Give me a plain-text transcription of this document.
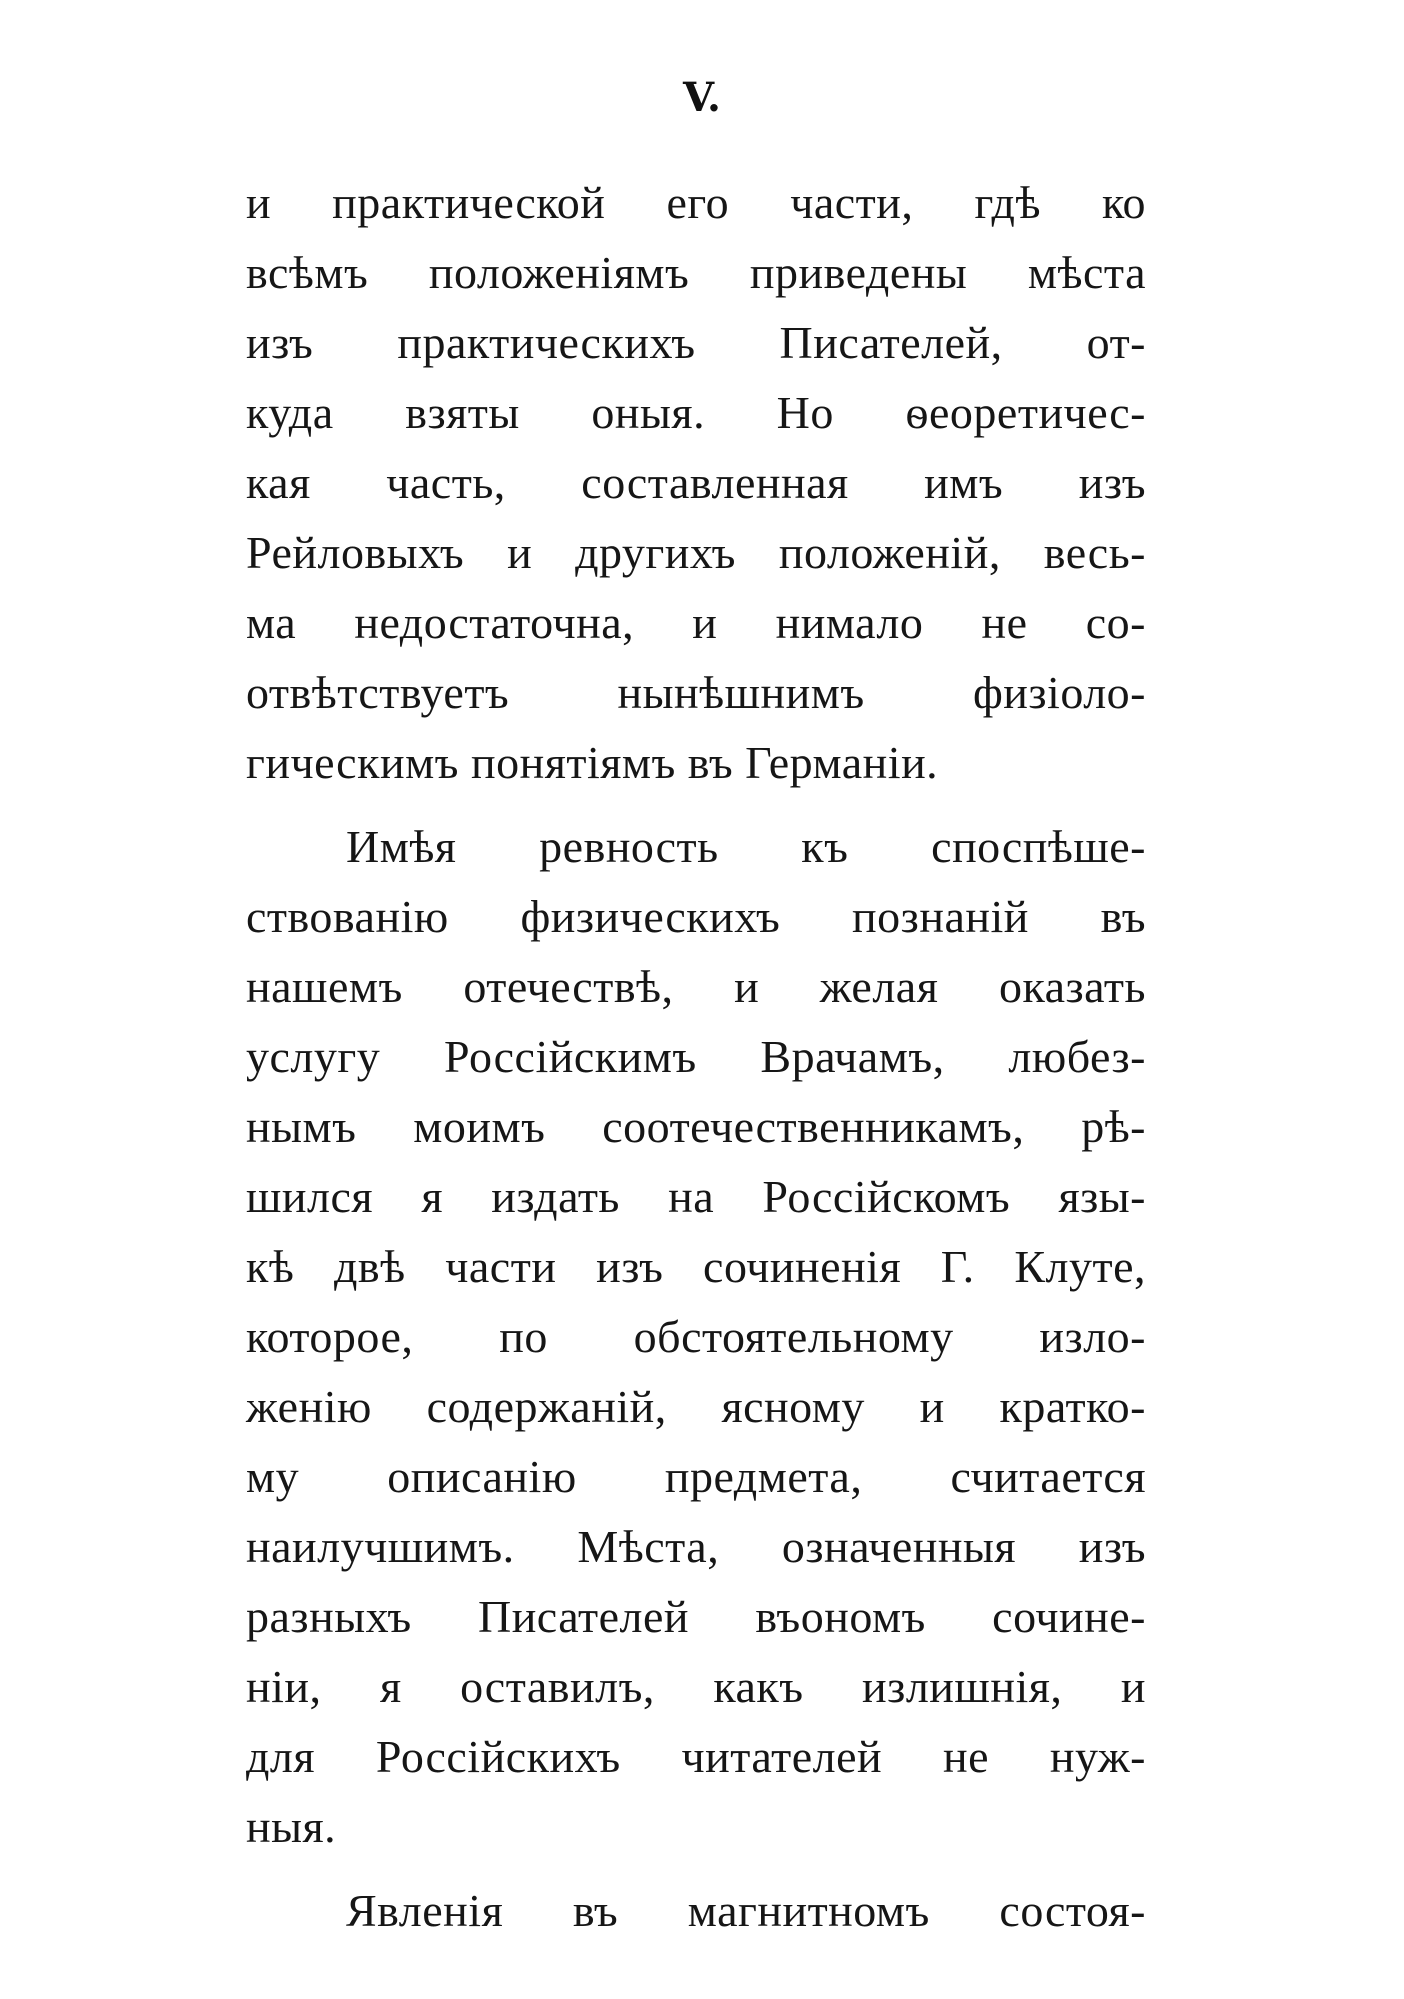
V.
и практической его части, гдѣ ко
всѣмъ положенiямъ приведены мѣста
изъ практическихъ Писателей, от-
куда взяты оныя. Но ѳеоретичес-
кая часть, составленная имъ изъ
Рейловыхъ и другихъ положенiй, весь-
ма недостаточна, и нимало не со-
отвѣтствуетъ нынѣшнимъ физiоло-
гическимъ понятiямъ въ Германiи.
Имѣя ревность къ споспѣше-
ствованiю физическихъ познанiй въ
нашемъ отечествѣ, и желая оказать
услугу Россiйскимъ Врачамъ, любез-
нымъ моимъ соотечественникамъ, рѣ-
шился я издать на Россiйскомъ язы-
кѣ двѣ части изъ сочиненiя Г. Клуте,
которое, по обстоятельному изло-
женiю содержанiй, ясному и кратко-
му описанiю предмета, считается
наилучшимъ. Мѣста, означенныя изъ
разныхъ Писателей въономъ сочине-
нiи, я оставилъ, какъ излишнiя, и
для Россiйскихъ читателей не нуж-
ныя.
Явленiя въ магнитномъ состоя-
